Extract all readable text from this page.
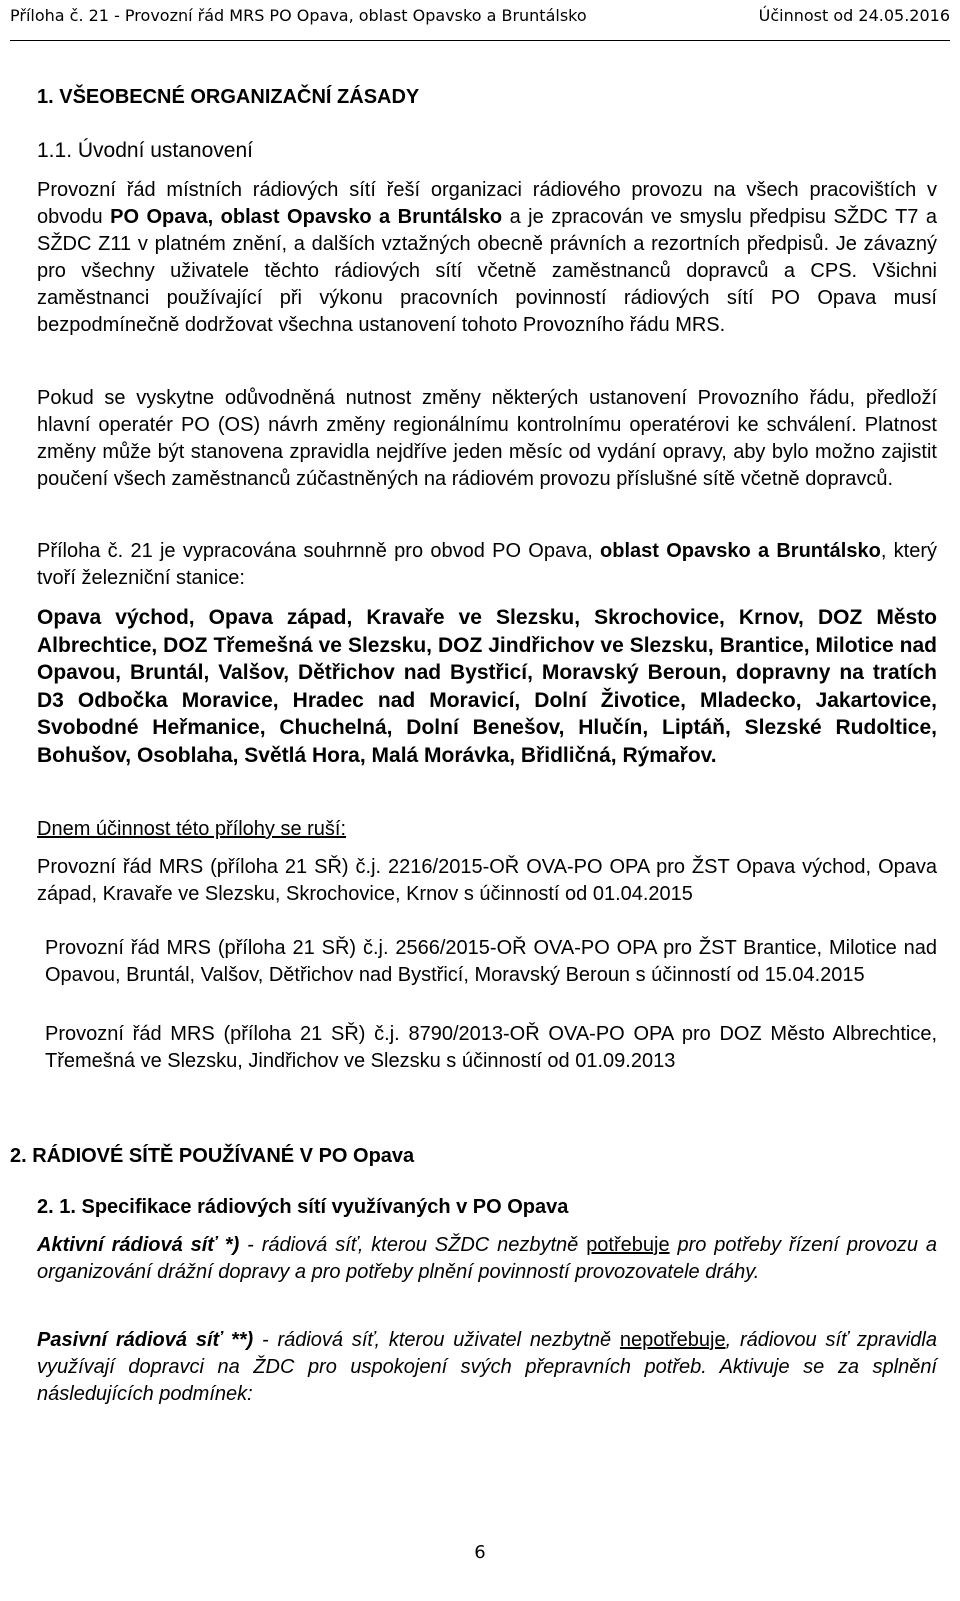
Příloha č. 21 - Provozní řád MRS PO Opava, oblast Opavsko a Bruntálsko	Účinnost od 24.05.2016
1. VŠEOBECNÉ ORGANIZAČNÍ ZÁSADY
1.1. Úvodní ustanovení

Provozní řád místních rádiových sítí řeší organizaci rádiového provozu na všech pracovištích v obvodu PO Opava, oblast Opavsko a Bruntálsko a je zpracován ve smyslu předpisu SŽDC T7 a SŽDC Z11 v platném znění, a dalších vztažných obecně právních a rezortních předpisů. Je závazný pro všechny uživatele těchto rádiových sítí včetně zaměstnanců dopravců a CPS. Všichni zaměstnanci používající při výkonu pracovních povinností rádiových sítí PO Opava musí bezpodmínečně dodržovat všechna ustanovení tohoto Provozního řádu MRS.

Pokud se vyskytne odůvodněná nutnost změny některých ustanovení Provozního řádu, předloží hlavní operatér PO (OS) návrh změny regionálnímu kontrolnímu operatérovi ke schválení. Platnost změny může být stanovena zpravidla nejdříve jeden měsíc od vydání opravy, aby bylo možno zajistit poučení všech zaměstnanců zúčastněných na rádiovém provozu příslušné sítě včetně dopravců.

Příloha č. 21 je vypracována souhrnně pro obvod PO Opava, oblast Opavsko a Bruntálsko, který tvoří železniční stanice:

Opava východ, Opava západ, Kravaře ve Slezsku, Skrochovice, Krnov, DOZ Město Albrechtice, DOZ Třemešná ve Slezsku, DOZ Jindřichov ve Slezsku, Brantice, Milotice nad Opavou, Bruntál, Valšov, Dětřichov nad Bystřicí, Moravský Beroun, dopravny na tratích D3 Odbočka Moravice, Hradec nad Moravicí, Dolní Životice, Mladecko, Jakartovice, Svobodné Heřmanice, Chuchelná, Dolní Benešov, Hlučín, Liptáň, Slezské Rudoltice, Bohušov, Osoblaha, Světlá Hora, Malá Morávka, Břidličná, Rýmařov.

Dnem účinnost této přílohy se ruší:

Provozní řád MRS (příloha 21 SŘ) č.j. 2216/2015-OŘ OVA-PO OPA pro ŽST Opava východ, Opava západ, Kravaře ve Slezsku, Skrochovice, Krnov s účinností od 01.04.2015

Provozní řád MRS (příloha 21 SŘ) č.j. 2566/2015-OŘ OVA-PO OPA pro ŽST Brantice, Milotice nad Opavou, Bruntál, Valšov, Dětřichov nad Bystřicí, Moravský Beroun s účinností od 15.04.2015

Provozní řád MRS (příloha 21 SŘ) č.j. 8790/2013-OŘ OVA-PO OPA pro DOZ Město Albrechtice, Třemešná ve Slezsku, Jindřichov ve Slezsku s účinností od 01.09.2013

2. RÁDIOVÉ SÍTĚ POUŽÍVANÉ V PO Opava
2. 1. Specifikace rádiových sítí využívaných v PO Opava

Aktivní rádiová síť *) - rádiová síť, kterou SŽDC nezbytně potřebuje pro potřeby řízení provozu a organizování drážní dopravy a pro potřeby plnění povinností provozovatele dráhy.

Pasivní rádiová síť **) - rádiová síť, kterou uživatel nezbytně nepotřebuje, rádiovou síť zpravidla využívají dopravci na ŽDC pro uspokojení svých přepravních potřeb. Aktivuje se za splnění následujících podmínek:

6
